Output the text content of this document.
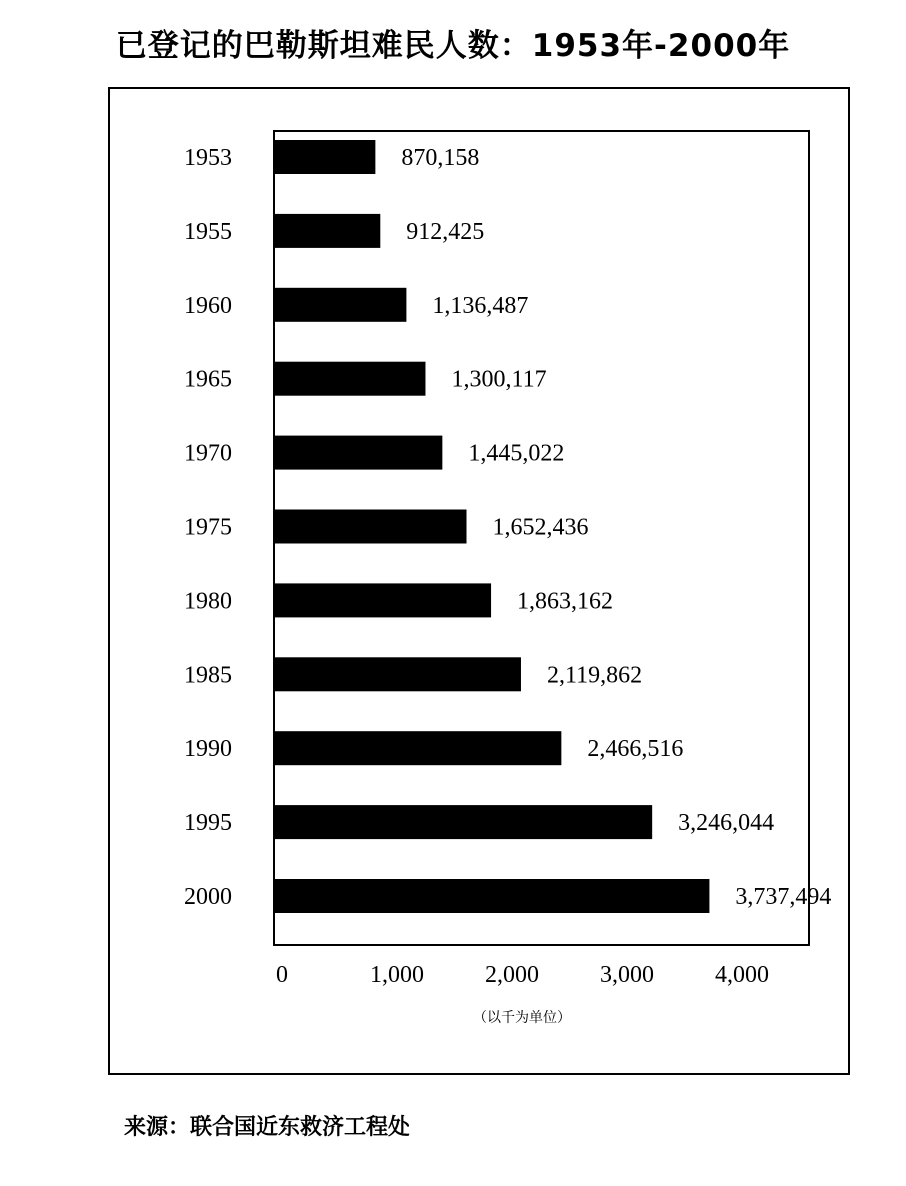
已登记的巴勒斯坦难民人数：1953年-2000年
1953	870,158
1955	912,425
1960	1,136,487
1965	1,300,117
1970	1,445,022
1975	1,652,436
1980	1,863,162
1985	2,119,862
1990	2,466,516
1995	3,246,044
2000	3,737,494
0	1,000	2,000	3,000	4,000
（以千为单位）

来源：联合国近东救济工程处
